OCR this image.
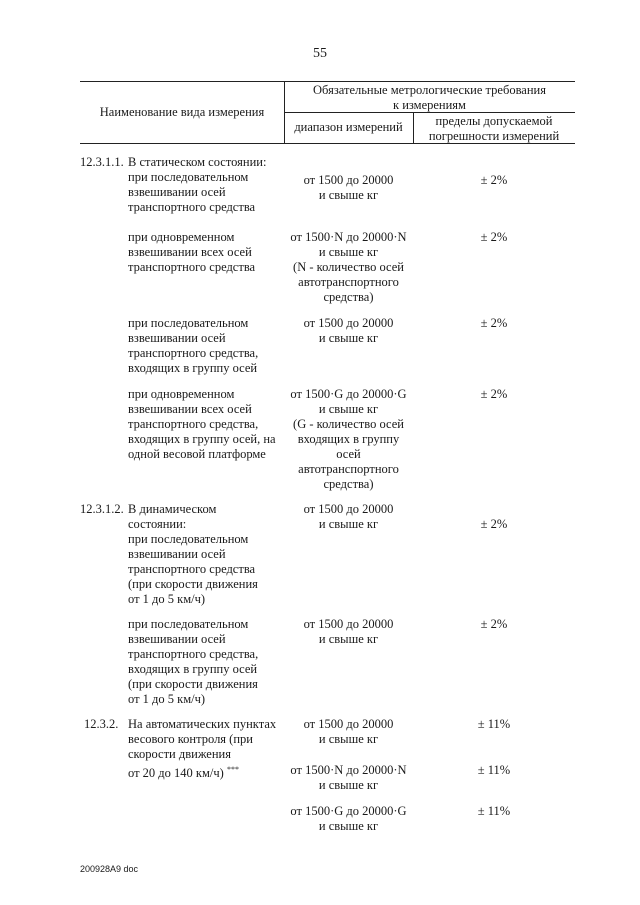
55
Наименование вида измерения
Обязательные метрологические требования
к измерениям
диапазон измерений	пределы допускаемой
погрешности измерений
12.3.1.1. В статическом состоянии:
при последовательном
взвешивании осей
транспортного средства
от 1500 до 20000
и свыше кг
± 2%
при одновременном
взвешивании всех осей
транспортного средства
от 1500·N до 20000·N
и свыше кг
(N - количество осей
автотранспортного
средства)
± 2%
при последовательном
взвешивании осей
транспортного средства,
входящих в группу осей
от 1500 до 20000
и свыше кг
± 2%
при одновременном
взвешивании всех осей
транспортного средства,
входящих в группу осей, на
одной весовой платформе
от 1500·G до 20000·G
и свыше кг
(G - количество осей
входящих в группу
осей
автотранспортного
средства)
± 2%
12.3.1.2. В динамическом
состоянии:
при последовательном
взвешивании осей
транспортного средства
(при скорости движения
от 1 до 5 км/ч)
от 1500 до 20000
и свыше кг	± 2%
при последовательном
взвешивании осей
транспортного средства,
входящих в группу осей
(при скорости движения
от 1 до 5 км/ч)
от 1500 до 20000
и свыше кг
± 2%
12.3.2. На автоматических пунктах
весового контроля (при
скорости движения
от 20 до 140 км/ч) ***
от 1500 до 20000
и свыше кг
± 11%
от 1500·N до 20000·N
и свыше кг
± 11%
от 1500·G до 20000·G
и свыше кг
± 11%
200928А9 doc
